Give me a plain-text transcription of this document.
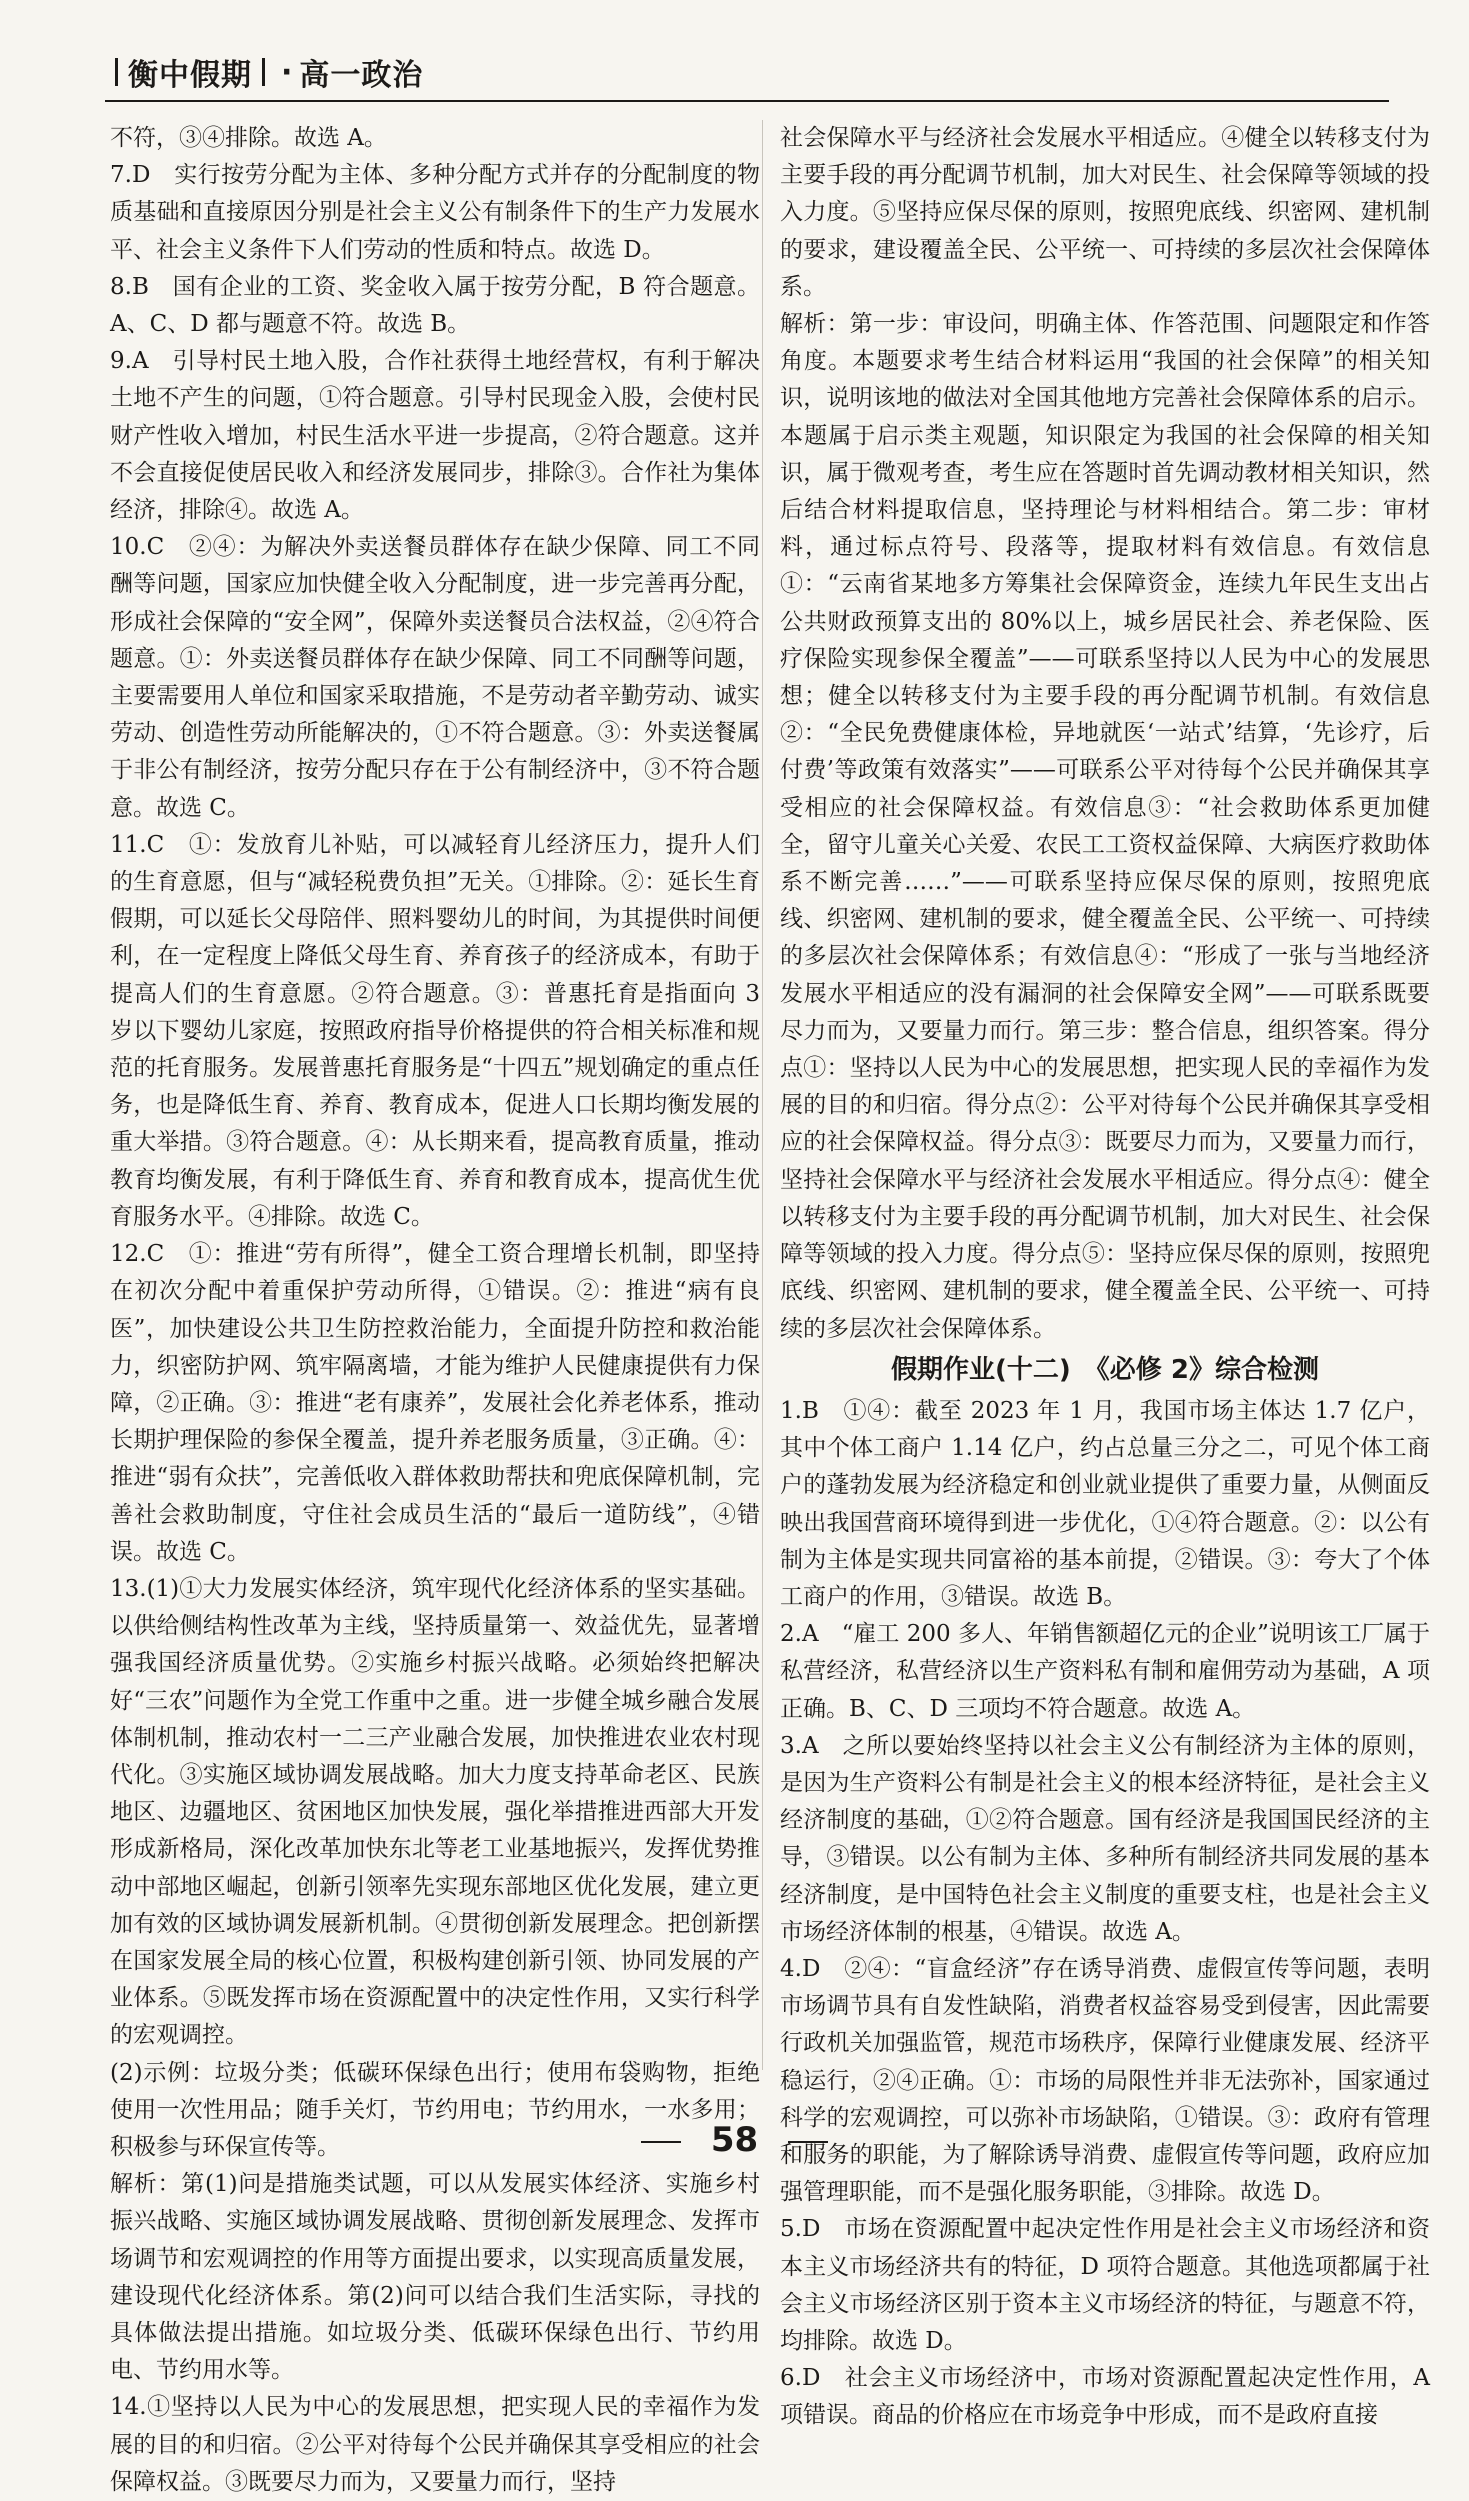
衡中假期 · 高一政治

不符，③④排除。故选 A。

7.D　实行按劳分配为主体、多种分配方式并存的分配制度的物质基础和直接原因分别是社会主义公有制条件下的生产力发展水平、社会主义条件下人们劳动的性质和特点。故选 D。

8.B　国有企业的工资、奖金收入属于按劳分配，B 符合题意。A、C、D 都与题意不符。故选 B。

9.A　引导村民土地入股，合作社获得土地经营权，有利于解决土地不产生的问题，①符合题意。引导村民现金入股，会使村民财产性收入增加，村民生活水平进一步提高，②符合题意。这并不会直接促使居民收入和经济发展同步，排除③。合作社为集体经济，排除④。故选 A。

10.C　②④：为解决外卖送餐员群体存在缺少保障、同工不同酬等问题，国家应加快健全收入分配制度，进一步完善再分配，形成社会保障的“安全网”，保障外卖送餐员合法权益，②④符合题意。①：外卖送餐员群体存在缺少保障、同工不同酬等问题，主要需要用人单位和国家采取措施，不是劳动者辛勤劳动、诚实劳动、创造性劳动所能解决的，①不符合题意。③：外卖送餐属于非公有制经济，按劳分配只存在于公有制经济中，③不符合题意。故选 C。

11.C　①：发放育儿补贴，可以减轻育儿经济压力，提升人们的生育意愿，但与“减轻税费负担”无关。①排除。②：延长生育假期，可以延长父母陪伴、照料婴幼儿的时间，为其提供时间便利，在一定程度上降低父母生育、养育孩子的经济成本，有助于提高人们的生育意愿。②符合题意。③：普惠托育是指面向 3 岁以下婴幼儿家庭，按照政府指导价格提供的符合相关标准和规范的托育服务。发展普惠托育服务是“十四五”规划确定的重点任务，也是降低生育、养育、教育成本，促进人口长期均衡发展的重大举措。③符合题意。④：从长期来看，提高教育质量，推动教育均衡发展，有利于降低生育、养育和教育成本，提高优生优育服务水平。④排除。故选 C。

12.C　①：推进“劳有所得”，健全工资合理增长机制，即坚持在初次分配中着重保护劳动所得，①错误。②：推进“病有良医”，加快建设公共卫生防控救治能力，全面提升防控和救治能力，织密防护网、筑牢隔离墙，才能为维护人民健康提供有力保障，②正确。③：推进“老有康养”，发展社会化养老体系，推动长期护理保险的参保全覆盖，提升养老服务质量，③正确。④：推进“弱有众扶”，完善低收入群体救助帮扶和兜底保障机制，完善社会救助制度，守住社会成员生活的“最后一道防线”，④错误。故选 C。

13.(1)①大力发展实体经济，筑牢现代化经济体系的坚实基础。以供给侧结构性改革为主线，坚持质量第一、效益优先，显著增强我国经济质量优势。②实施乡村振兴战略。必须始终把解决好“三农”问题作为全党工作重中之重。进一步健全城乡融合发展体制机制，推动农村一二三产业融合发展，加快推进农业农村现代化。③实施区域协调发展战略。加大力度支持革命老区、民族地区、边疆地区、贫困地区加快发展，强化举措推进西部大开发形成新格局，深化改革加快东北等老工业基地振兴，发挥优势推动中部地区崛起，创新引领率先实现东部地区优化发展，建立更加有效的区域协调发展新机制。④贯彻创新发展理念。把创新摆在国家发展全局的核心位置，积极构建创新引领、协同发展的产业体系。⑤既发挥市场在资源配置中的决定性作用，又实行科学的宏观调控。

(2)示例：垃圾分类；低碳环保绿色出行；使用布袋购物，拒绝使用一次性用品；随手关灯，节约用电；节约用水，一水多用；积极参与环保宣传等。

解析：第(1)问是措施类试题，可以从发展实体经济、实施乡村振兴战略、实施区域协调发展战略、贯彻创新发展理念、发挥市场调节和宏观调控的作用等方面提出要求，以实现高质量发展，建设现代化经济体系。第(2)问可以结合我们生活实际，寻找的具体做法提出措施。如垃圾分类、低碳环保绿色出行、节约用电、节约用水等。

14.①坚持以人民为中心的发展思想，把实现人民的幸福作为发展的目的和归宿。②公平对待每个公民并确保其享受相应的社会保障权益。③既要尽力而为，又要量力而行，坚持

社会保障水平与经济社会发展水平相适应。④健全以转移支付为主要手段的再分配调节机制，加大对民生、社会保障等领域的投入力度。⑤坚持应保尽保的原则，按照兜底线、织密网、建机制的要求，建设覆盖全民、公平统一、可持续的多层次社会保障体系。

解析：第一步：审设问，明确主体、作答范围、问题限定和作答角度。本题要求考生结合材料运用“我国的社会保障”的相关知识，说明该地的做法对全国其他地方完善社会保障体系的启示。本题属于启示类主观题，知识限定为我国的社会保障的相关知识，属于微观考查，考生应在答题时首先调动教材相关知识，然后结合材料提取信息，坚持理论与材料相结合。第二步：审材料，通过标点符号、段落等，提取材料有效信息。有效信息①：“云南省某地多方筹集社会保障资金，连续九年民生支出占公共财政预算支出的 80%以上，城乡居民社会、养老保险、医疗保险实现参保全覆盖”——可联系坚持以人民为中心的发展思想；健全以转移支付为主要手段的再分配调节机制。有效信息②：“全民免费健康体检，异地就医‘一站式’结算，‘先诊疗，后付费’等政策有效落实”——可联系公平对待每个公民并确保其享受相应的社会保障权益。有效信息③：“社会救助体系更加健全，留守儿童关心关爱、农民工工资权益保障、大病医疗救助体系不断完善……”——可联系坚持应保尽保的原则，按照兜底线、织密网、建机制的要求，健全覆盖全民、公平统一、可持续的多层次社会保障体系；有效信息④：“形成了一张与当地经济发展水平相适应的没有漏洞的社会保障安全网”——可联系既要尽力而为，又要量力而行。第三步：整合信息，组织答案。得分点①：坚持以人民为中心的发展思想，把实现人民的幸福作为发展的目的和归宿。得分点②：公平对待每个公民并确保其享受相应的社会保障权益。得分点③：既要尽力而为，又要量力而行，坚持社会保障水平与经济社会发展水平相适应。得分点④：健全以转移支付为主要手段的再分配调节机制，加大对民生、社会保障等领域的投入力度。得分点⑤：坚持应保尽保的原则，按照兜底线、织密网、建机制的要求，健全覆盖全民、公平统一、可持续的多层次社会保障体系。

假期作业(十二)　《必修 2》综合检测

1.B　①④：截至 2023 年 1 月，我国市场主体达 1.7 亿户，其中个体工商户 1.14 亿户，约占总量三分之二，可见个体工商户的蓬勃发展为经济稳定和创业就业提供了重要力量，从侧面反映出我国营商环境得到进一步优化，①④符合题意。②：以公有制为主体是实现共同富裕的基本前提，②错误。③：夸大了个体工商户的作用，③错误。故选 B。

2.A　“雇工 200 多人、年销售额超亿元的企业”说明该工厂属于私营经济，私营经济以生产资料私有制和雇佣劳动为基础，A 项正确。B、C、D 三项均不符合题意。故选 A。

3.A　之所以要始终坚持以社会主义公有制经济为主体的原则，是因为生产资料公有制是社会主义的根本经济特征，是社会主义经济制度的基础，①②符合题意。国有经济是我国国民经济的主导，③错误。以公有制为主体、多种所有制经济共同发展的基本经济制度，是中国特色社会主义制度的重要支柱，也是社会主义市场经济体制的根基，④错误。故选 A。

4.D　②④：“盲盒经济”存在诱导消费、虚假宣传等问题，表明市场调节具有自发性缺陷，消费者权益容易受到侵害，因此需要行政机关加强监管，规范市场秩序，保障行业健康发展、经济平稳运行，②④正确。①：市场的局限性并非无法弥补，国家通过科学的宏观调控，可以弥补市场缺陷，①错误。③：政府有管理和服务的职能，为了解除诱导消费、虚假宣传等问题，政府应加强管理职能，而不是强化服务职能，③排除。故选 D。

5.D　市场在资源配置中起决定性作用是社会主义市场经济和资本主义市场经济共有的特征，D 项符合题意。其他选项都属于社会主义市场经济区别于资本主义市场经济的特征，与题意不符，均排除。故选 D。

6.D　社会主义市场经济中，市场对资源配置起决定性作用，A 项错误。商品的价格应在市场竞争中形成，而不是政府直接

58
